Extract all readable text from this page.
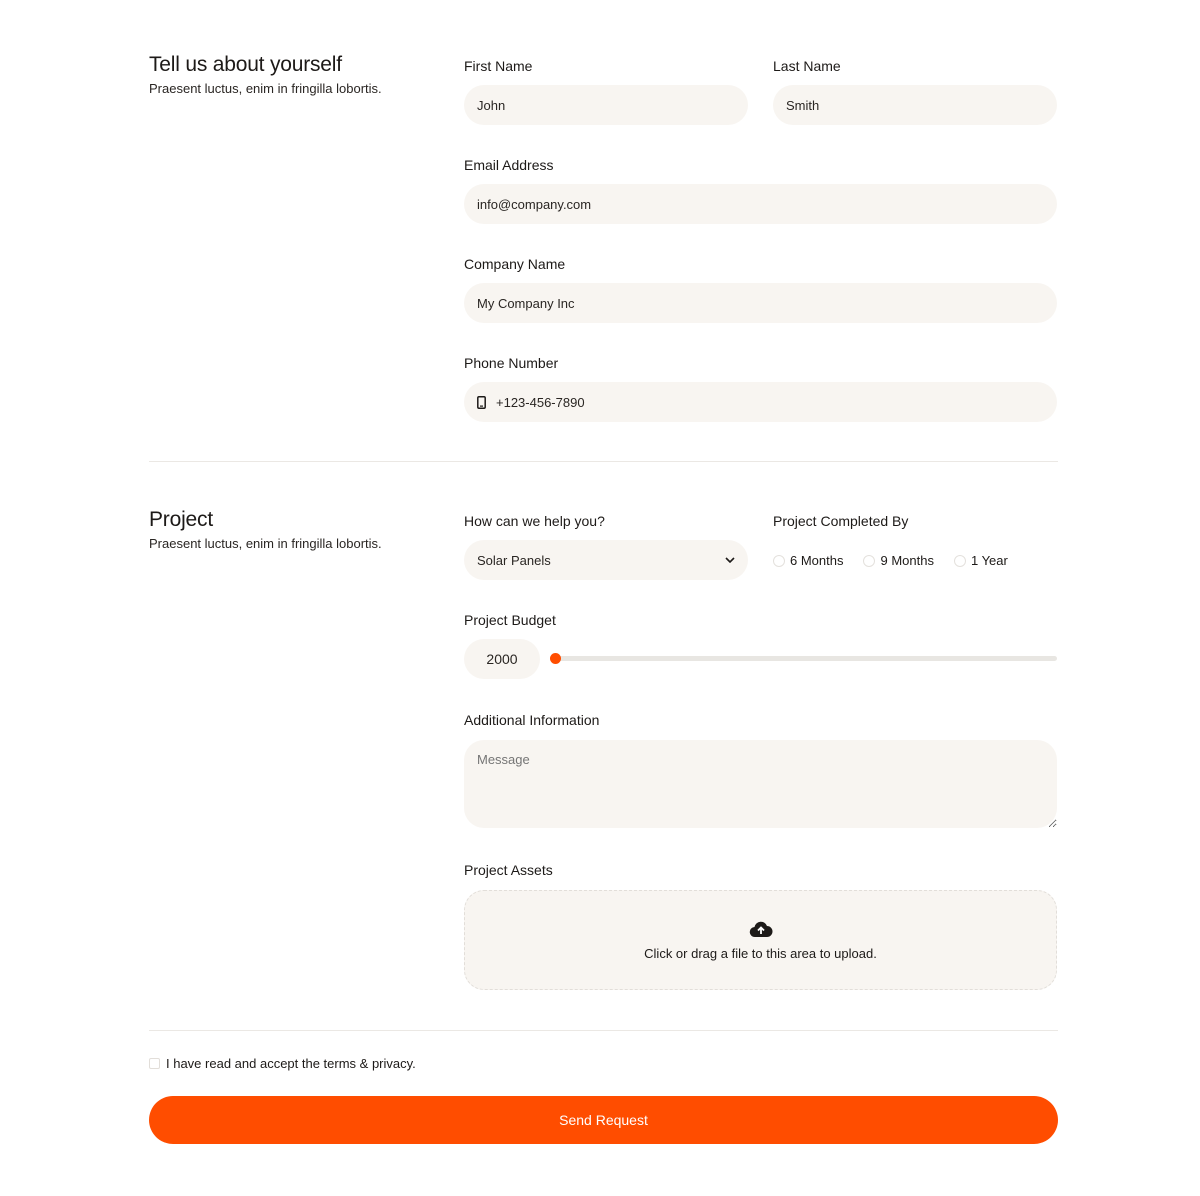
Tell us about yourself
Praesent luctus, enim in fringilla lobortis.
First Name
John
Last Name
Smith
Email Address
info@company.com
Company Name
My Company Inc
Phone Number
+123-456-7890
Project
Praesent luctus, enim in fringilla lobortis.
How can we help you?
Solar Panels
Project Completed By
6 Months	9 Months	1 Year
Project Budget
2000
Additional Information
Message
Project Assets
Click or drag a file to this area to upload.
I have read and accept the terms & privacy.
Send Request
